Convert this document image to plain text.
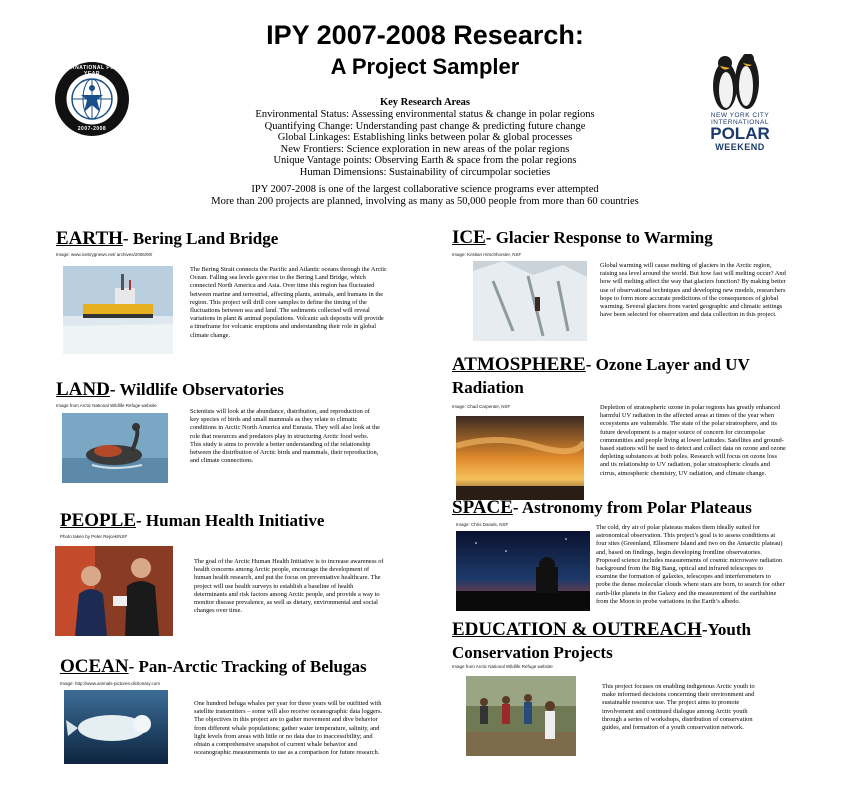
IPY 2007-2008 Research:
A Project Sampler
INTERNATIONAL POLAR YEAR
2007-2008
NEW YORK CITY
INTERNATIONAL
POLAR
WEEKEND
Key Research Areas
Environmental Status: Assessing environmental status & change in polar regions
Quantifying Change: Understanding past change & predicting future change
Global Linkages: Establishing links between polar & global processes
New Frontiers: Science exploration in new areas of the polar regions
Unique Vantage points: Observing Earth & space from the polar regions
Human Dimensions: Sustainability of circumpolar societies
IPY 2007-2008 is one of the largest collaborative science programs ever attempted
More than 200 projects are planned, involving as many as 50,000 people from more than 60 countries
EARTH- Bering Land Bridge
Image: www.icebrygnews.net/ archives/2006/00/
The Bering Strait connects the Pacific and Atlantic oceans through the Arctic Ocean. Falling sea levels gave rise to the Bering Land Bridge, which connected North America and Asia. Over time this region has fluctuated between marine and terrestrial, affecting plants, animals, and humans in the region. This project will drill core samples to define the timing of the fluctuations between sea and land. The sediments collected will reveal variations in plant & animal populations. Volcanic ash deposits will provide a timeframe for volcanic eruptions and understanding their role in global climate change.
LAND- Wildlife Observatories
Image from Arctic National Wildlife Refuge website
Scientists will look at the abundance, distribution, and reproduction of key species of birds and small mammals as they relate to climatic conditions in Arctic North America and Eurasia. They will also look at the role that resources and predators play in structuring Arctic food webs. This study is aims to provide a better understanding of the relationship between the distribution of Arctic birds and mammals, their reproduction, and climate connections.
PEOPLE- Human Health Initiative
Photo taken by Peter Rejcek/NSF
The goal of the Arctic Human Health Initiative is to increase awareness of health concerns among Arctic people, encourage the development of human health research, and put the focus on preventative healthcare. The project will use health surveys to establish a baseline of health determinants and risk factors among Arctic people, and provide a way to monitor disease prevalence, as well as dietary, environmental and social changes over time.
OCEAN- Pan-Arctic Tracking of Belugas
Image: http://www.animals-pictures-dictionary.com
One hundred beluga whales per year for three years will be outfitted with satellite transmitters – some will also receive oceanographic data loggers. The objectives in this project are to gather movement and dive behavior from different whale populations; gather water temperature, salinity, and light levels from areas with little or no data due to inaccessibility; and obtain a comprehensive snapshot of current whale behavior and oceanographic measurements to use as a comparison for future research.
ICE- Glacier Response to Warming
Image: Kristian Hirschhorster, NSF
Global warming will cause melting of glaciers in the Arctic region, raising sea level around the world. But how fast will melting occur? And how will melting affect the way that glaciers function? By making better use of observational techniques and developing new models, researchers hope to form more accurate predictions of the consequences of global warming. Several glaciers from varied geographic and climatic settings have been selected for observation and data collection in this project.
ATMOSPHERE- Ozone Layer and UV
Radiation
Image: Chad Carpenter, NSF	Depletion of stratospheric ozone in polar regions has greatly enhanced harmful UV radiation in the affected areas at times of the year when ecosystems are vulnerable. The state of the polar stratosphere, and its future development is a major source of concern for circumpolar communities and people living at lower latitudes. Satellites and ground-based stations will be used to detect and collect data on ozone and ozone depleting substances at both poles. Research will focus on ozone loss and its relationship to UV radiation, polar stratospheric clouds and cirrus, atmospheric chemistry, UV radiation, and climate change.
SPACE- Astronomy from Polar Plateaus
Image: Chris Danals, NSF	The cold, dry air of polar plateaus makes them ideally suited for astronomical observation. This project’s goal is to assess conditions at four sites (Greenland, Ellesmere Island and two on the Antarctic plateau) and, based on findings, begin developing frontline observatories. Proposed science includes measurements of cosmic microwave radiation background from the Big Bang, optical and infrared telescopes to examine the formation of galaxies, telescopes and interferometers to probe the dense molecular clouds where stars are born, to search for other earth-like planets in the Galaxy and the measurement of the earthshine from the Moon to probe variations in the Earth’s albedo.
EDUCATION & OUTREACH-Youth
Conservation Projects
Image from Arctic National Wildlife Refuge website
This project focuses on enabling indigenous Arctic youth to make informed decisions concerning their environment and sustainable resource use. The project aims to promote involvement and continued dialogue among Arctic youth through a series of workshops, distribution of conservation guides, and formation of a youth conservation network.
